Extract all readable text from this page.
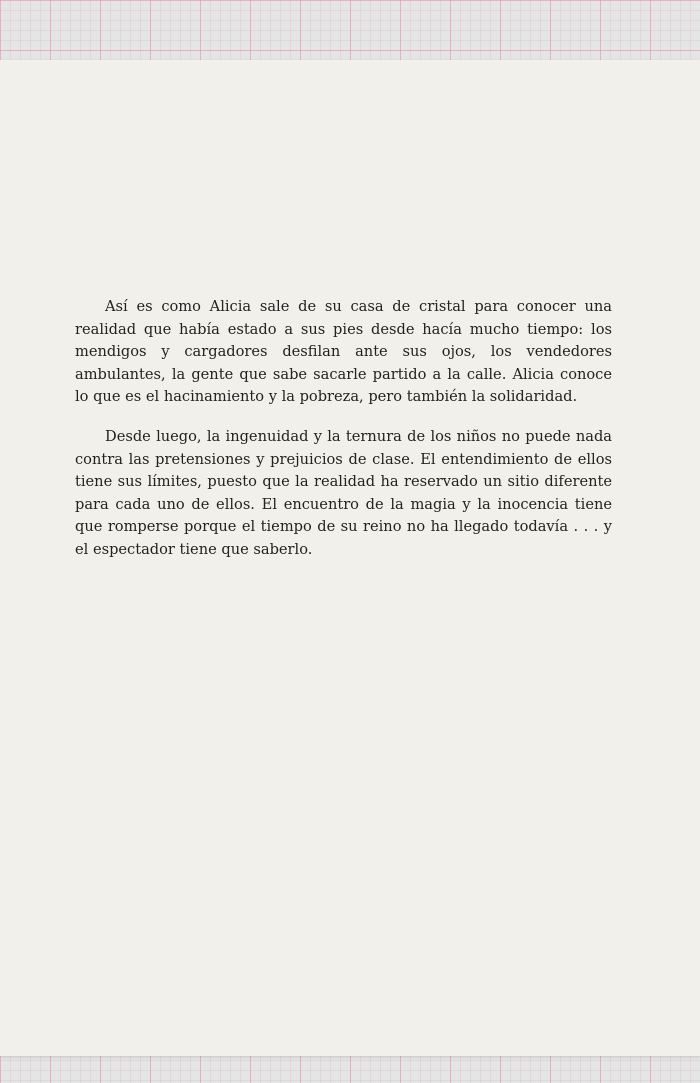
Así es como Alicia sale de su casa de cristal para conocer una realidad que había estado a sus pies desde hacía mucho tiempo: los mendigos y cargadores desfilan ante sus ojos, los vendedores ambulantes, la gente que sabe sacarle partido a la calle. Alicia conoce lo que es el hacinamiento y la pobreza, pero también la solidaridad.

Desde luego, la ingenuidad y la ternura de los niños no puede nada contra las pretensiones y prejuicios de clase. El entendimiento de ellos tiene sus límites, puesto que la realidad ha reservado un sitio diferente para cada uno de ellos. El encuentro de la magia y la inocencia tiene que romperse porque el tiempo de su reino no ha llegado todavía . . . y el espectador tiene que saberlo.
